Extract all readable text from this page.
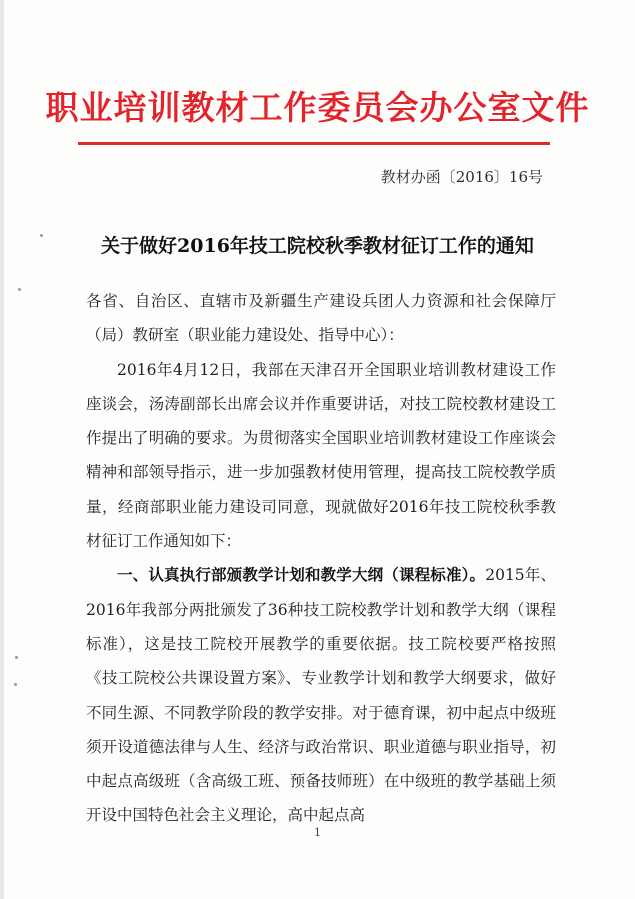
职业培训教材工作委员会办公室文件
教材办函〔2016〕16号
关于做好2016年技工院校秋季教材征订工作的通知

各省、自治区、直辖市及新疆生产建设兵团人力资源和社会保障厅（局）教研室（职业能力建设处、指导中心）：

2016年4月12日，我部在天津召开全国职业培训教材建设工作座谈会，汤涛副部长出席会议并作重要讲话，对技工院校教材建设工作提出了明确的要求。为贯彻落实全国职业培训教材建设工作座谈会精神和部领导指示，进一步加强教材使用管理，提高技工院校教学质量，经商部职业能力建设司同意，现就做好2016年技工院校秋季教材征订工作通知如下：

一、认真执行部颁教学计划和教学大纲（课程标准）。2015年、2016年我部分两批颁发了36种技工院校教学计划和教学大纲（课程标准），这是技工院校开展教学的重要依据。技工院校要严格按照《技工院校公共课设置方案》、专业教学计划和教学大纲要求，做好不同生源、不同教学阶段的教学安排。对于德育课，初中起点中级班须开设道德法律与人生、经济与政治常识、职业道德与职业指导，初中起点高级班（含高级工班、预备技师班）在中级班的教学基础上须开设中国特色社会主义理论，高中起点高

1
